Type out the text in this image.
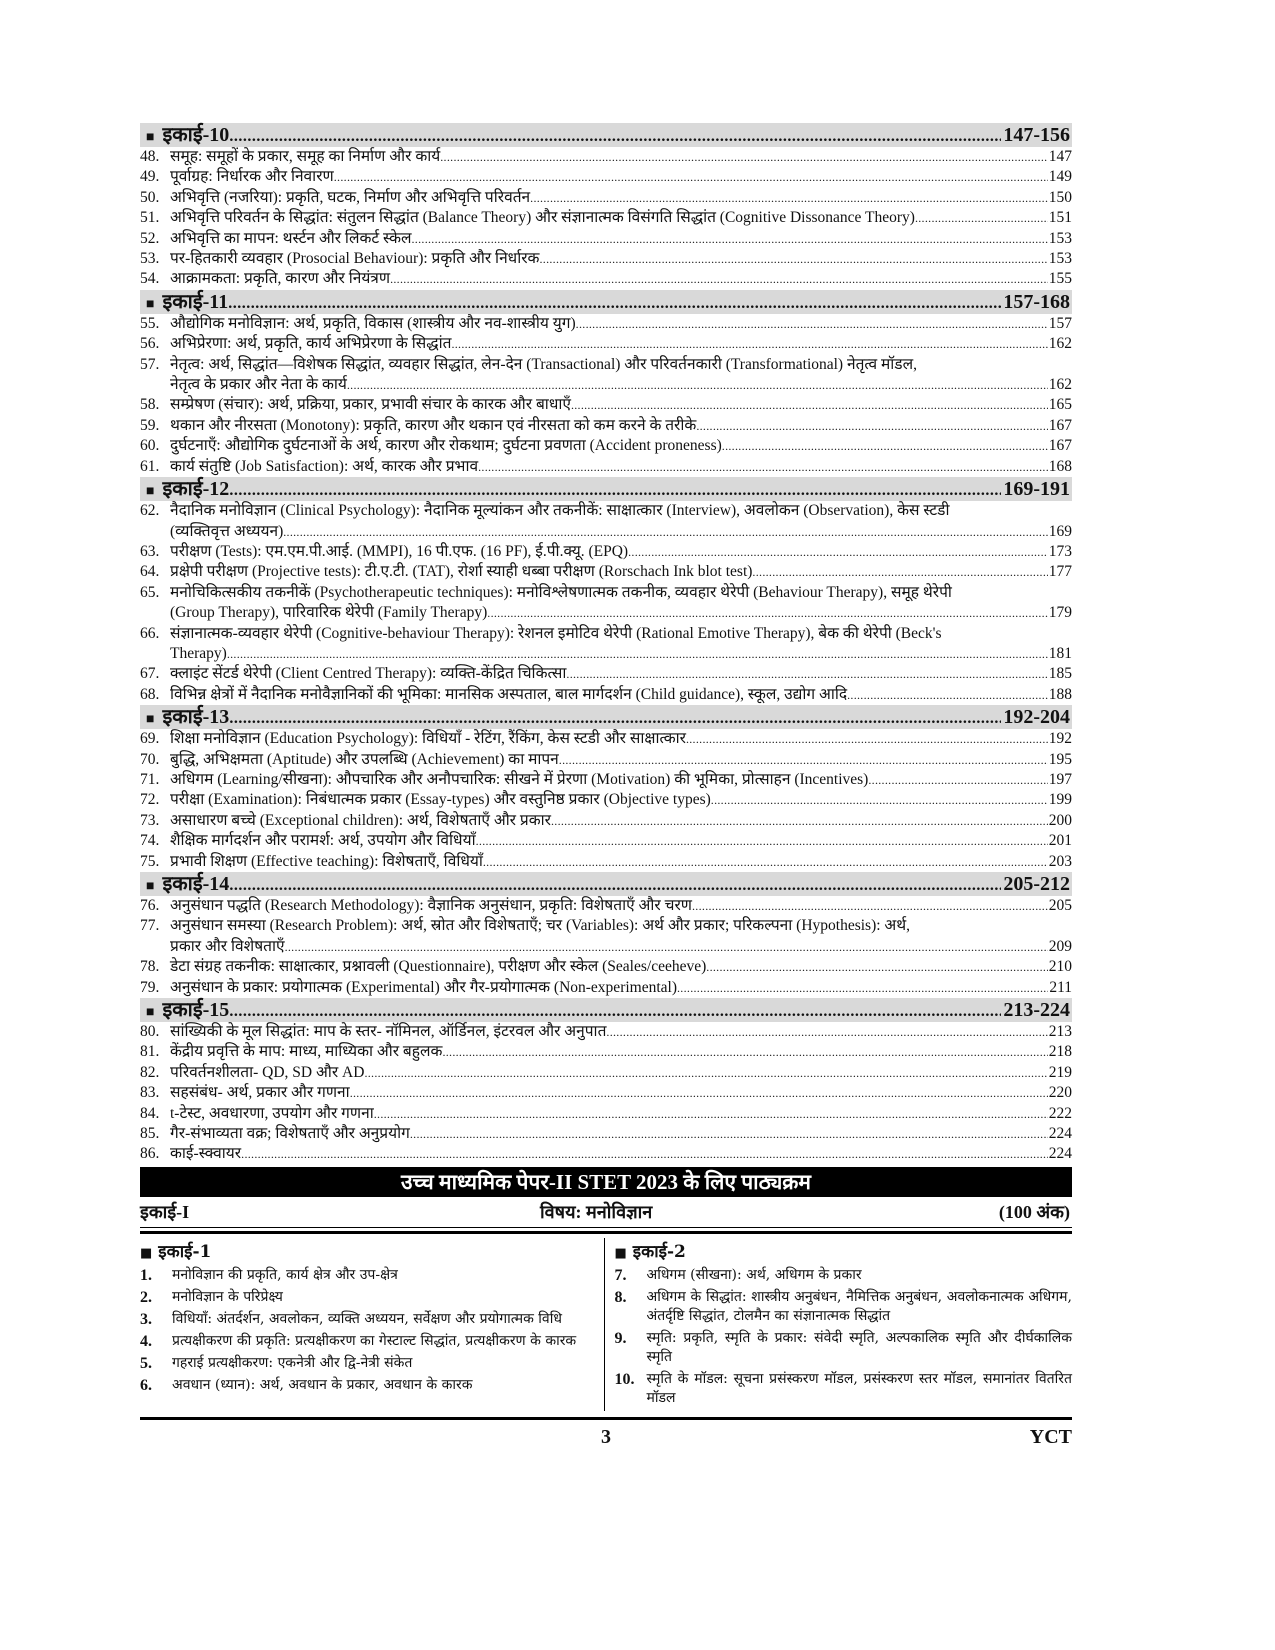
■ इकाई-10 .....	147-156
48. समूह: समूहों के प्रकार, समूह का निर्माण और कार्य .....	147
49. पूर्वाग्रह: निर्धारक और निवारण .....	149
50. अभिवृत्ति (नजरिया): प्रकृति, घटक, निर्माण और अभिवृत्ति परिवर्तन .....	150
51. अभिवृत्ति परिवर्तन के सिद्धांत: संतुलन सिद्धांत (Balance Theory) और संज्ञानात्मक विसंगति सिद्धांत (Cognitive Dissonance Theory) .....	151
52. अभिवृत्ति का मापन: थर्स्टन और लिकर्ट स्केल .....	153
53. पर-हितकारी व्यवहार (Prosocial Behaviour): प्रकृति और निर्धारक .....	153
54. आक्रामकता: प्रकृति, कारण और नियंत्रण .....	155
■ इकाई-11 .....	157-168
55. औद्योगिक मनोविज्ञान: अर्थ, प्रकृति, विकास (शास्त्रीय और नव-शास्त्रीय युग) .....	157
56. अभिप्रेरणा: अर्थ, प्रकृति, कार्य अभिप्रेरणा के सिद्धांत .....	162
57. नेतृत्व: अर्थ, सिद्धांत—विशेषक सिद्धांत, व्यवहार सिद्धांत, लेन-देन (Transactional) और परिवर्तनकारी (Transformational) नेतृत्व मॉडल,
नेतृत्व के प्रकार और नेता के कार्य .....	162
58. सम्प्रेषण (संचार): अर्थ, प्रक्रिया, प्रकार, प्रभावी संचार के कारक और बाधाएँ .....	165
59. थकान और नीरसता (Monotony): प्रकृति, कारण और थकान एवं नीरसता को कम करने के तरीके .....	167
60. दुर्घटनाएँ: औद्योगिक दुर्घटनाओं के अर्थ, कारण और रोकथाम; दुर्घटना प्रवणता (Accident proneness) .....	167
61. कार्य संतुष्टि (Job Satisfaction): अर्थ, कारक और प्रभाव .....	168
■ इकाई-12 .....	169-191
62. नैदानिक मनोविज्ञान (Clinical Psychology): नैदानिक मूल्यांकन और तकनीकें: साक्षात्कार (Interview), अवलोकन (Observation), केस स्टडी
(व्यक्तिवृत्त अध्ययन) .....	169
63. परीक्षण (Tests): एम.एम.पी.आई. (MMPI), 16 पी.एफ. (16 PF), ई.पी.क्यू. (EPQ) .....	173
64. प्रक्षेपी परीक्षण (Projective tests): टी.ए.टी. (TAT), रोर्शा स्याही धब्बा परीक्षण (Rorschach Ink blot test) .....	177
65. मनोचिकित्सकीय तकनीकें (Psychotherapeutic techniques): मनोविश्लेषणात्मक तकनीक, व्यवहार थेरेपी (Behaviour Therapy), समूह थेरेपी
(Group Therapy), पारिवारिक थेरेपी (Family Therapy) .....	179
66. संज्ञानात्मक-व्यवहार थेरेपी (Cognitive-behaviour Therapy): रेशनल इमोटिव थेरेपी (Rational Emotive Therapy), बेक की थेरेपी (Beck's
Therapy) .....	181
67. क्लाइंट सेंटर्ड थेरेपी (Client Centred Therapy): व्यक्ति-केंद्रित चिकित्सा .....	185
68. विभिन्न क्षेत्रों में नैदानिक मनोवैज्ञानिकों की भूमिका: मानसिक अस्पताल, बाल मार्गदर्शन (Child guidance), स्कूल, उद्योग आदि .....	188
■ इकाई-13 .....	192-204
69. शिक्षा मनोविज्ञान (Education Psychology): विधियाँ - रेटिंग, रैंकिंग, केस स्टडी और साक्षात्कार .....	192
70. बुद्धि, अभिक्षमता (Aptitude) और उपलब्धि (Achievement) का मापन .....	195
71. अधिगम (Learning/सीखना): औपचारिक और अनौपचारिक: सीखने में प्रेरणा (Motivation) की भूमिका, प्रोत्साहन (Incentives) .....	197
72. परीक्षा (Examination): निबंधात्मक प्रकार (Essay-types) और वस्तुनिष्ठ प्रकार (Objective types) .....	199
73. असाधारण बच्चे (Exceptional children): अर्थ, विशेषताएँ और प्रकार .....	200
74. शैक्षिक मार्गदर्शन और परामर्श: अर्थ, उपयोग और विधियाँ .....	201
75. प्रभावी शिक्षण (Effective teaching): विशेषताएँ, विधियाँ .....	203
■ इकाई-14 .....	205-212
76. अनुसंधान पद्धति (Research Methodology): वैज्ञानिक अनुसंधान, प्रकृति: विशेषताएँ और चरण .....	205
77. अनुसंधान समस्या (Research Problem): अर्थ, स्रोत और विशेषताएँ; चर (Variables): अर्थ और प्रकार; परिकल्पना (Hypothesis): अर्थ,
प्रकार और विशेषताएँ .....	209
78. डेटा संग्रह तकनीक: साक्षात्कार, प्रश्नावली (Questionnaire), परीक्षण और स्केल (Seales/ceeheve) .....	210
79. अनुसंधान के प्रकार: प्रयोगात्मक (Experimental) और गैर-प्रयोगात्मक (Non-experimental) .....	211
■ इकाई-15 .....	213-224
80. सांख्यिकी के मूल सिद्धांत: माप के स्तर- नॉमिनल, ऑर्डिनल, इंटरवल और अनुपात .....	213
81. केंद्रीय प्रवृत्ति के माप: माध्य, माध्यिका और बहुलक .....	218
82. परिवर्तनशीलता- QD, SD और AD .....	219
83. सहसंबंध- अर्थ, प्रकार और गणना .....	220
84. t-टेस्ट, अवधारणा, उपयोग और गणना .....	222
85. गैर-संभाव्यता वक्र; विशेषताएँ और अनुप्रयोग .....	224
86. काई-स्क्वायर .....	224
उच्च माध्यमिक पेपर-II STET 2023 के लिए पाठ्यक्रम
इकाई-I	विषय: मनोविज्ञान	(100 अंक)
■ इकाई-1
1.	मनोविज्ञान की प्रकृति, कार्य क्षेत्र और उप-क्षेत्र
2.	मनोविज्ञान के परिप्रेक्ष्य
3.	विधियाँ: अंतर्दर्शन, अवलोकन, व्यक्ति अध्ययन, सर्वेक्षण और प्रयोगात्मक विधि
4.	प्रत्यक्षीकरण की प्रकृति: प्रत्यक्षीकरण का गेस्टाल्ट सिद्धांत, प्रत्यक्षीकरण के कारक
5.	गहराई प्रत्यक्षीकरण: एकनेत्री और द्वि-नेत्री संकेत
6.	अवधान (ध्यान): अर्थ, अवधान के प्रकार, अवधान के कारक
■ इकाई-2
7.	अधिगम (सीखना): अर्थ, अधिगम के प्रकार
8.	अधिगम के सिद्धांत: शास्त्रीय अनुबंधन, नैमित्तिक अनुबंधन, अवलोकनात्मक अधिगम, अंतर्दृष्टि सिद्धांत, टोलमैन का संज्ञानात्मक सिद्धांत
9.	स्मृति: प्रकृति, स्मृति के प्रकार: संवेदी स्मृति, अल्पकालिक स्मृति और दीर्घकालिक स्मृति
10. स्मृति के मॉडल: सूचना प्रसंस्करण मॉडल, प्रसंस्करण स्तर मॉडल, समानांतर वितरित मॉडल
3	YCT
